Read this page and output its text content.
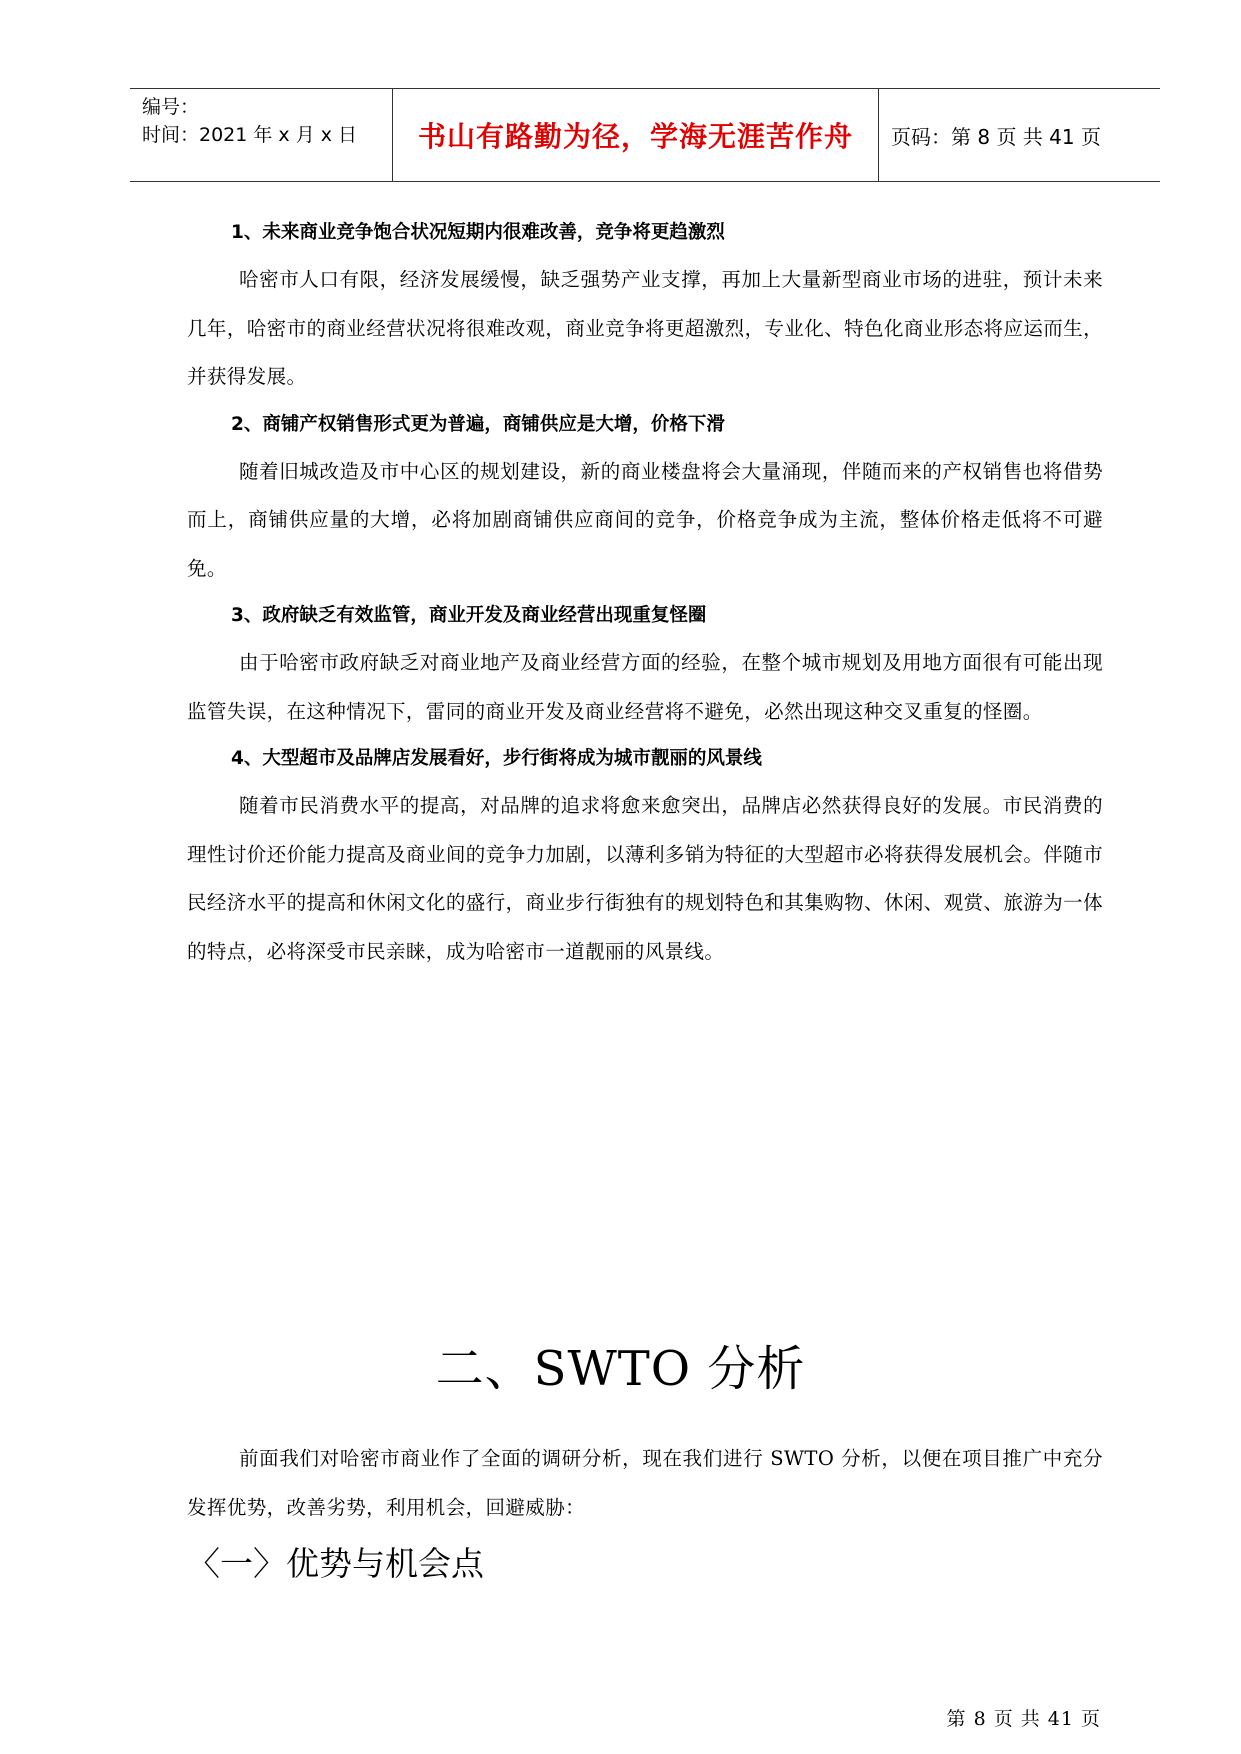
编号：
时间：2021 年 x 月 x 日	书山有路勤为径，学海无涯苦作舟	页码：第 8 页 共 41 页
1、未来商业竞争饱合状况短期内很难改善，竞争将更趋激烈

哈密市人口有限，经济发展缓慢，缺乏强势产业支撑，再加上大量新型商业市场的进驻，预计未来几年，哈密市的商业经营状况将很难改观，商业竞争将更超激烈，专业化、特色化商业形态将应运而生，并获得发展。

2、商铺产权销售形式更为普遍，商铺供应是大增，价格下滑

随着旧城改造及市中心区的规划建设，新的商业楼盘将会大量涌现，伴随而来的产权销售也将借势而上，商铺供应量的大增，必将加剧商铺供应商间的竞争，价格竞争成为主流，整体价格走低将不可避免。

3、政府缺乏有效监管，商业开发及商业经营出现重复怪圈

由于哈密市政府缺乏对商业地产及商业经营方面的经验，在整个城市规划及用地方面很有可能出现监管失误，在这种情况下，雷同的商业开发及商业经营将不避免，必然出现这种交叉重复的怪圈。

4、大型超市及品牌店发展看好，步行街将成为城市靓丽的风景线

随着市民消费水平的提高，对品牌的追求将愈来愈突出，品牌店必然获得良好的发展。市民消费的理性讨价还价能力提高及商业间的竞争力加剧，以薄利多销为特征的大型超市必将获得发展机会。伴随市民经济水平的提高和休闲文化的盛行，商业步行街独有的规划特色和其集购物、休闲、观赏、旅游为一体的特点，必将深受市民亲睐，成为哈密市一道靓丽的风景线。

二、SWTO 分析

前面我们对哈密市商业作了全面的调研分析，现在我们进行 SWTO 分析，以便在项目推广中充分发挥优势，改善劣势，利用机会，回避威胁：

〈一〉优势与机会点
第 8 页 共 41 页
